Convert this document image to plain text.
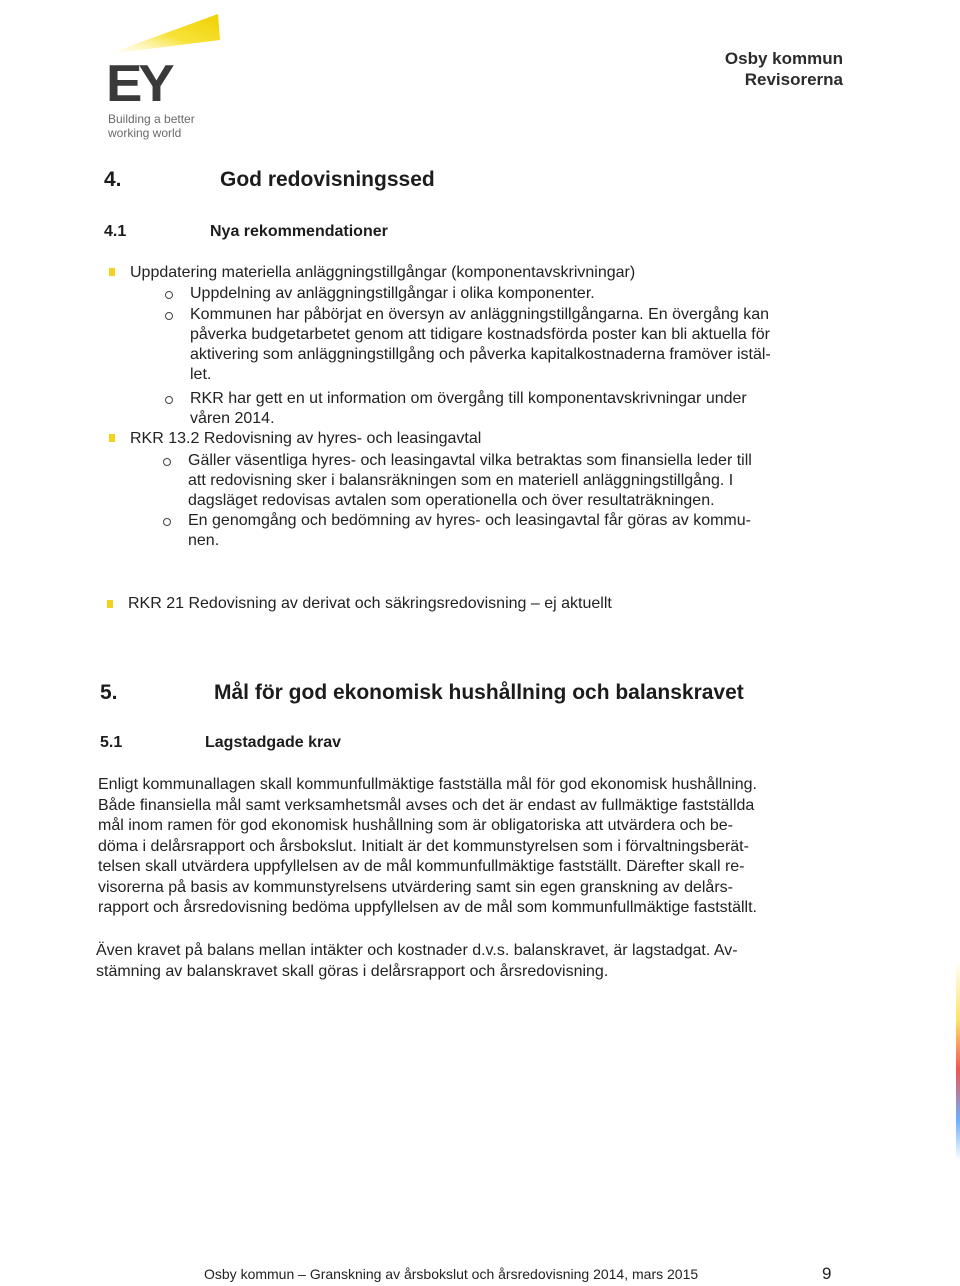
EY
Building a better
working world
Osby kommun
Revisorerna
4.	God redovisningssed
4.1	Nya rekommendationer
Uppdatering materiella anläggningstillgångar (komponentavskrivningar)
Uppdelning av anläggningstillgångar i olika komponenter.
Kommunen har påbörjat en översyn av anläggningstillgångarna. En övergång kan
påverka budgetarbetet genom att tidigare kostnadsförda poster kan bli aktuella för
aktivering som anläggningstillgång och påverka kapitalkostnaderna framöver istäl-
let.
RKR har gett en ut information om övergång till komponentavskrivningar under
våren 2014.
RKR 13.2 Redovisning av hyres- och leasingavtal
Gäller väsentliga hyres- och leasingavtal vilka betraktas som finansiella leder till
att redovisning sker i balansräkningen som en materiell anläggningstillgång. I
dagsläget redovisas avtalen som operationella och över resultaträkningen.
En genomgång och bedömning av hyres- och leasingavtal får göras av kommu-
nen.
RKR 21 Redovisning av derivat och säkringsredovisning – ej aktuellt
5.	Mål för god ekonomisk hushållning och balanskravet
5.1	Lagstadgade krav
Enligt kommunallagen skall kommunfullmäktige fastställa mål för god ekonomisk hushållning.
Både finansiella mål samt verksamhetsmål avses och det är endast av fullmäktige fastställda
mål inom ramen för god ekonomisk hushållning som är obligatoriska att utvärdera och be-
döma i delårsrapport och årsbokslut. Initialt är det kommunstyrelsen som i förvaltningsberät-
telsen skall utvärdera uppfyllelsen av de mål kommunfullmäktige fastställt. Därefter skall re-
visorerna på basis av kommunstyrelsens utvärdering samt sin egen granskning av delårs-
rapport och årsredovisning bedöma uppfyllelsen av de mål som kommunfullmäktige fastställt.
Även kravet på balans mellan intäkter och kostnader d.v.s. balanskravet, är lagstadgat. Av-
stämning av balanskravet skall göras i delårsrapport och årsredovisning.
Osby kommun – Granskning av årsbokslut och årsredovisning 2014, mars 2015	9
